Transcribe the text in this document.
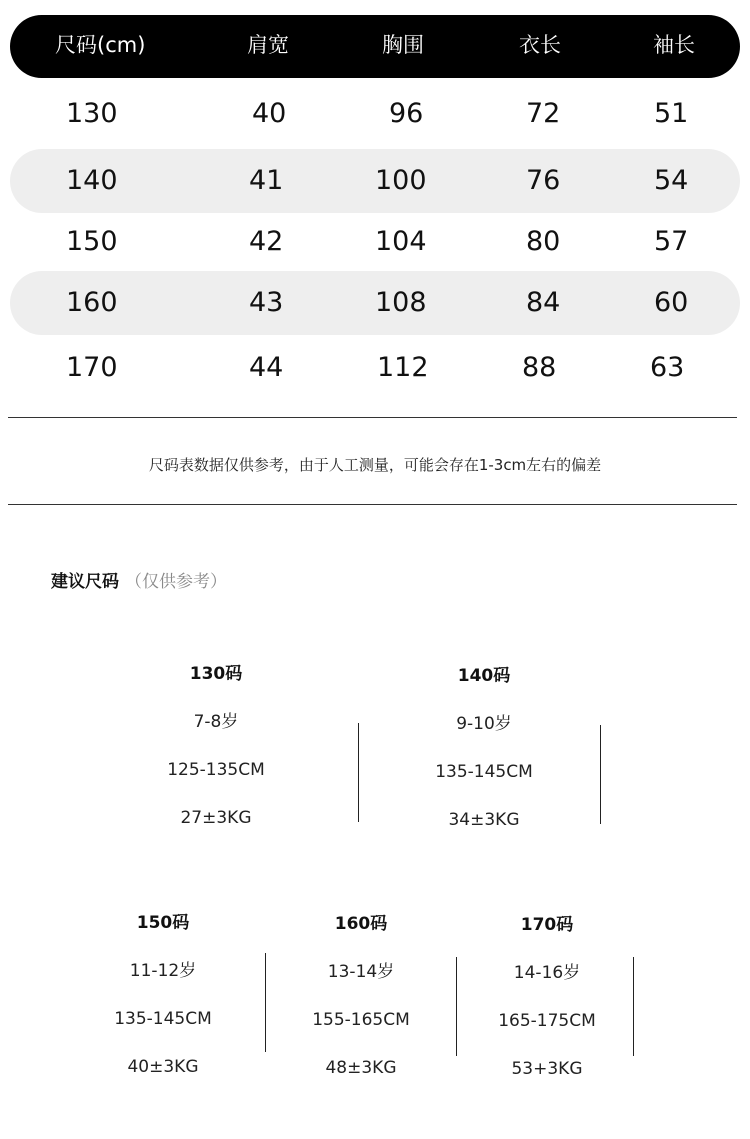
尺码(cm)	肩宽	胸围	衣长	袖长
130	40	96	72	51
140	41	100	76	54
150	42	104	80	57
160	43	108	84	60
170	44	112	88	63
尺码表数据仅供参考，由于人工测量，可能会存在1-3cm左右的偏差
建议尺码 （仅供参考）
130码
7-8岁
125-135CM
27±3KG
140码
9-10岁
135-145CM
34±3KG
150码
11-12岁
135-145CM
40±3KG
160码
13-14岁
155-165CM
48±3KG
170码
14-16岁
165-175CM
53+3KG
